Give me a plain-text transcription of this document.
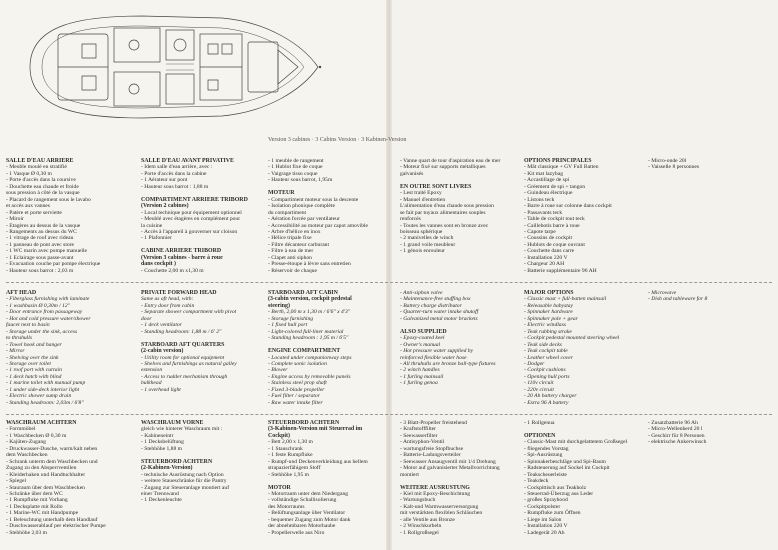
Version 3 cabines · 3 Cabins Version · 3 Kabinen-Version
SALLE D'EAU ARRIERE
- Meuble moulé en stratifié
- 1 Vasque Ø 0,30 m
- Porte d'accès dans la coursive
- Douchette eau chaude et froide
sous pression à côté de la vasque
- Placard de rangement sous le lavabo
et accès aux vannes
- Patère et porte serviette
- Miroir
- Etagères au dessus de la vasque
- Rangements au dessus du WC
- 1 vitrage de roof avec rideau
- 1 panneau de pont avec store
- 1 WC marin avec pompe manuelle
- 1 Eclairage sous passe-avant
- Evacuation couche par pompe électrique
- Hauteur sous barrot : 2,03 m
SALLE D'EAU AVANT PRIVATIVE
- Idem salle d'eau arrière, avec :
- Porte d'accès dans la cabine
- 1 Aérateur sur pont
- Hauteur sous barrot : 1,88 m

COMPARTIMENT ARRIERE TRIBORD
(Version 2 cabines)
- Local technique pour équipement optionnel
- Meublé avec étagères en complément pour
la cuisine
- Accès à l'appareil à gouverner sur cloison
- 1 Plafonnier

CABINE ARRIERE TRIBORD
(Version 3 cabines - barre à roue
dans cockpit )
- Couchette 2,00 m x1,30 m
- 1 meuble de rangement
- 1 Hublot fixe de coque
- Vaigrage tissu coque
- Hauteur sous barrot, 1,95m

MOTEUR
- Compartiment moteur sous la descente
- Isolation phonique complète
du compartiment
- Aération forcée par ventilateur
- Accessibilité au moteur par capot amovible
- Arbre d'hélice en inox
- Hélice tripale fixe
- Filtre décanteur carburant
- Filtre à eau de mer
- Clapet anti siphon
- Presse-étoupe à lèvre sans entretien
- Réservoir de chaque
- Vanne quart de tour d'aspiration eau de mer
- Moteur fixé sur supports métalliques
galvanisés

EN OUTRE SONT LIVRES
- Lest traité Epoxy
- Manuel d'entretien
L'alimentation d'eau chaude sous pression
se fait par tuyaux alimentaires souples
renforcés
- Toutes les vannes sont en bronze avec
boisseau sphérique
- 2 manivelles de winch
- 1 grand voile meubleur
- 1 génois enrouleur
OPTIONS PRINCIPALES
- Mât classique + GV Full Batten
- Kit mat lazybag
- Accastillage de spi
- Gréement de spi + tangon
- Guindeau électrique
- Listons teck
- Barre à roue sur colonne dans cockpit
- Passavants teck
- Table de cockpit tout teck
- Caillebotis barre à roue
- Capote tarpe
- Coussins de cockpit
- Hublots de coque ouvrant
- Couchette dans carre
- Installation 220 V
- Chargeur 20 AH
- Batterie supplémentaire 96 AH
- Micro-onde 20l
- Vaisselle 8 personnes
AFT HEAD
- Fiberglass furnishing with laminate
- 1 washbasin Ø 0,30m / 12"
- Door entrance from passageway
- Hot and cold pressure water/shower
faucet next to basin
- Storage under the sink, access
to thruhulls
- Towel hook and hanger
- Mirror
- Shelving over the sink
- Storage over toilet
- 1 roof port with curtain
- 1 deck hatch with blind
- 1 marine toilet with manual pump
- 1 under side-deck interior light
- Electric shower sump drain
- Standing headroom: 2,03m / 6'8"
PRIVATE FORWARD HEAD
Same as aft head, with:
- Entry door from cabin
- Separate shower compartment with pivot
door
- 1 deck ventilator
- Standing headroom: 1,88 m / 6' 2"

STARBOARD AFT QUARTERS
(2-cabin version)
- Utility room for optional equipment
- Shelves and furnishings as natural galley
extension
- Access to rudder mechanism through
bulkhead
- 1 overhead light
STARBOARD AFT CABIN
(3-cabin version, cockpit pedestal
steering)
- Berth, 2,00 m x 1,30 m / 6'6" x 4'3"
- Storage furnishing
- 1 fixed hull port
- Light-colored full-liner material
- Standing headroom : 1,95 m / 6'5"

ENGINE COMPARTMENT
- Located under companionway steps
- Complete sonic isolation
- Blower
- Engine access by removable panels
- Stainless steel prop shaft
- Fixed 3-blade propeller
- Fuel filter / separator
- Raw water intake filter
- Anti-siphon valve
- Maintenance-free stuffing box
- Battery charge distributor
- Quarter-turn water intake shutoff
- Galvanized metal motor brackets

ALSO SUPPLIED
- Epoxy-coated keel
- Owner's manual
- Hot pressure water supplied by
reinforced flexible water hose
- All thruhulls are bronze ball-type fixtures
- 2 winch handles
- 1 furling mainsail
- 1 furling genoa
MAJOR OPTIONS
- Classic mast + full-batten mainsail
- Releasable babystay
- Spinnaker hardware
- Spinnaker pole + gear
- Electric windlass
- Teak rubbing strake
- Cockpit pedestal mounted steering wheel
- Teak side decks
- Teak cockpit table
- Leather wheel cover
- Dodger
- Cockpit cushions
- Opening hull ports
- 110v circuit
- 220v circuit
- 20 Ah battery charger
- Extra 96 A battery
- Microwave
- Dish and tableware for 8
WASCHRAUM ACHTERN
- Formmöbel
- 1 Waschbecken Ø 0,30 m
- Kajüten-Zugang
- Druckwasser-Dusche, warm/kalt neben
dem Waschbecken
- Schrank unterm dem Waschbecken und
Zugang zu den Absperrventilen
- Kleiderhaken und Handtuchhalter
- Spiegel
- Stauraum über dem Waschbecken
- Schränke über dem WC
- 1 Rumpfluke mit Vorhang
- 1 Decksplatte mit Rollo
- 1 Marine-WC mit Handpumpe
- 1 Beleuchtung unterhalb dem Handlauf
- Duschwasserablauf per elektrischer Pumpe
- Stehhöhe 2,03 m
WASCHRAUM VORNE
gleich wie hinterer Waschraum mit :
- Kabineneintr
- 1 Decksbelüftung
- Stehhöhe 1,88 m

STEUERBORD ACHTERN
(2-Kabinen-Version)
- technische Ausrüstung nach Option
- weitere Staueschränke für die Pantry
- Zugang zur Steueranlage montiert auf
einer Trennwand
- 1 Deckenleuchte
STEUERBORD ACHTERN
(3-Kabinen-Version mit Steuerrad im
Cockpit)
- Bett 2,00 x 1,30 m
- 1 Stauschrank
- 1 feste Rumpfluke
- Rumpf-und Deckenverkleidung aus hellem
strapazierfähigem Stoff
- Stehhöhe 1,95 m

MOTOR
- Motorraum unter dem Niedergang
- vollständige Schallisolierung
des Motorraums
- Belüftungsanlage über Ventilator
- bequemer Zugang zum Motor dank
der abnehmbaren Motorhaube
- Propellerwelle aus Niro
- 3 Blatt-Propeller freistehend
- Kraftstofffilter
- Seewasserfilter
- Antisyphon-Ventil
- wartungsfreie Stopfbuchse
- Batterie-Ladungsverteiler
- Seewasser Ansaugventil mit 1/4 Drehung
- Motor auf galvanisierter Metallvorrichtung
montiert

WEITERE AUSRUSTUNG
- Kiel mit Epoxy-Beschichtung
- Wartungsbuch
- Kalt-und Warmwasserversorgung
mit verstärkten flexiblen Schläuchen
- alle Ventile aus Bronze
- 2 Winschkurbeln
- 1 Rollgroßsegel
- 1 Rollgenua

OPTIONEN
- Classic-Mast mit durchgelattetem Großsegel
- fliegendes Vorstag
- Spi-Ausrüstung
- Spinnakerbeschläge und Spi-Baum
- Radsteuerung auf Sockel im Cockpit
- Teakscheuerleiste
- Teakdeck
- Cockpittisch aus Teakholz
- Steuerrad-Überzug aus Leder
- großes Sprayhood
- Cockpitpolster
- Rumpfluke zum Öffnen
- Liege im Salon
- Installation 220 V
- Ladegerät 20 Ah
- Zusatzbatterie 96 Ah
- Micro-Wellenherd 20 l
- Geschirr für 8 Personen
- elektrische Ankerwinsch
